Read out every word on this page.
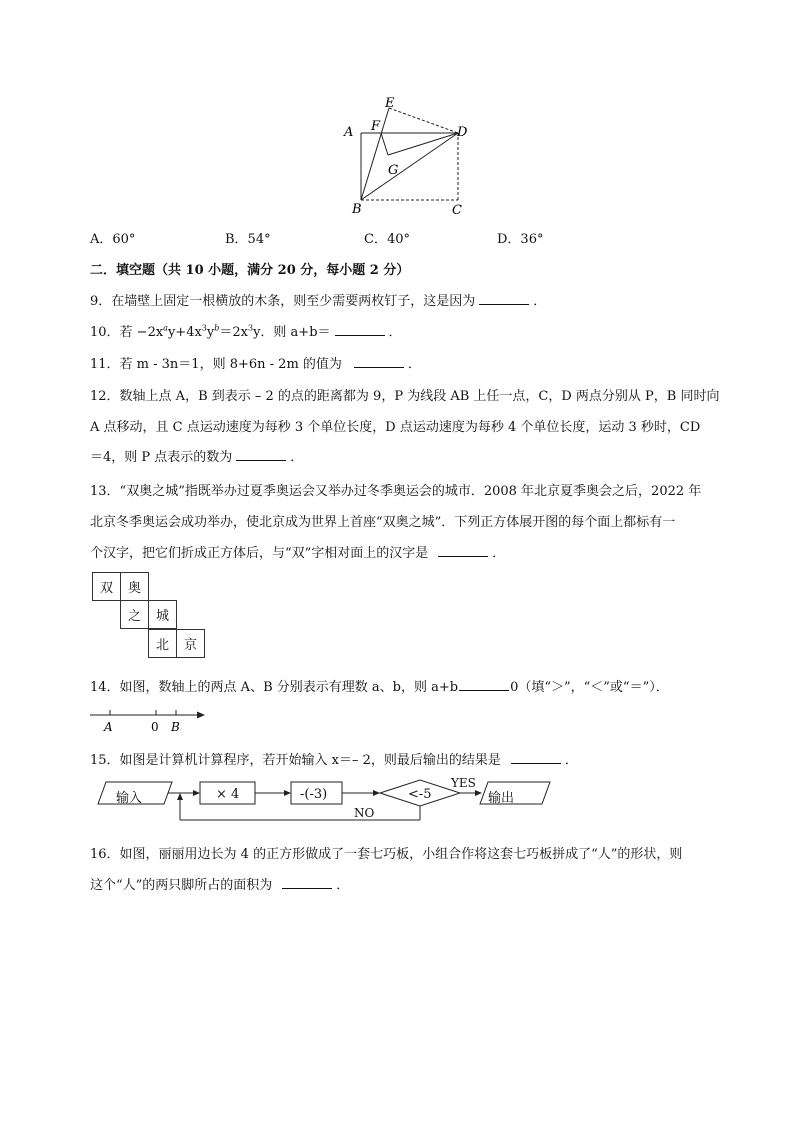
A
B	C
D
E
F
G
A．60°	B．54°	C．40°	D．36°
二．填空题（共 10 小题，满分 20 分，每小题 2 分）
9．在墙壁上固定一根横放的木条，则至少需要两枚钉子，这是因为	．
10．若 $-2x^ay+4x^3y^b=2x^3y$．则 a+b＝	．
11．若 m - 3n＝1，则 8+6n - 2m 的值为	．
12．数轴上点 A，B 到表示 – 2 的点的距离都为 9，P 为线段 AB 上任一点，C，D 两点分别从 P，B 同时向
A 点移动，且 C 点运动速度为每秒 3 个单位长度，D 点运动速度为每秒 4 个单位长度，运动 3 秒时，CD
＝4，则 P 点表示的数为	．
13．“双奥之城”指既举办过夏季奥运会又举办过冬季奥运会的城市．2008 年北京夏季奥会之后，2022 年
北京冬季奥运会成功举办，使北京成为世界上首座“双奥之城”．下列正方体展开图的每个面上都标有一
个汉字，把它们折成正方体后，与“双”字相对面上的汉字是	．
双	奥
之	城
北	京
14．如图，数轴上的两点 A、B 分别表示有理数 a、b，则 a+b	0（填“＞”，“＜”或“＝”）．
A	0 B
15．如图是计算机计算程序，若开始输入 x＝– 2，则最后输出的结果是	．
输入	× 4	-(-3)	<-5
YES
NO
输出
16．如图，丽丽用边长为 4 的正方形做成了一套七巧板，小组合作将这套七巧板拼成了“人”的形状，则
这个“人”的两只脚所占的面积为	．
